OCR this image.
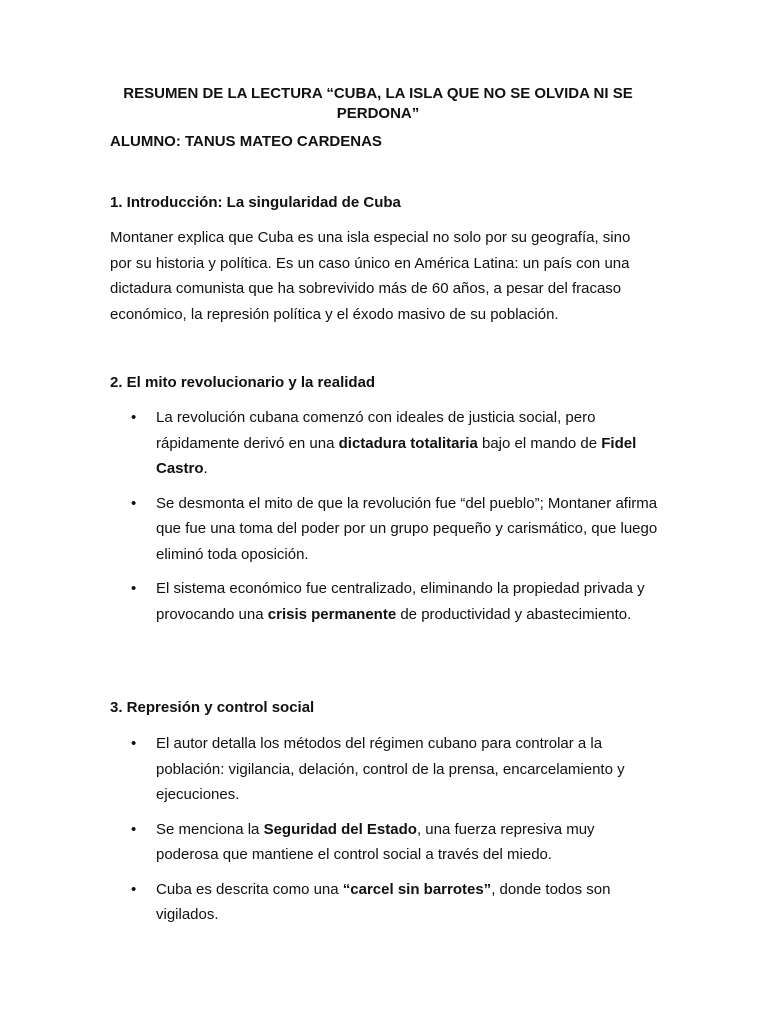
RESUMEN DE LA LECTURA “CUBA, LA ISLA QUE NO SE OLVIDA NI SE PERDONA”
ALUMNO: TANUS MATEO CARDENAS
1. Introducción: La singularidad de Cuba

Montaner explica que Cuba es una isla especial no solo por su geografía, sino por su historia y política. Es un caso único en América Latina: un país con una dictadura comunista que ha sobrevivido más de 60 años, a pesar del fracaso económico, la represión política y el éxodo masivo de su población.

2. El mito revolucionario y la realidad
• La revolución cubana comenzó con ideales de justicia social, pero rápidamente derivó en una dictadura totalitaria bajo el mando de Fidel Castro.
• Se desmonta el mito de que la revolución fue “del pueblo”; Montaner afirma que fue una toma del poder por un grupo pequeño y carismático, que luego eliminó toda oposición.
• El sistema económico fue centralizado, eliminando la propiedad privada y provocando una crisis permanente de productividad y abastecimiento.
3. Represión y control social
• El autor detalla los métodos del régimen cubano para controlar a la población: vigilancia, delación, control de la prensa, encarcelamiento y ejecuciones.
• Se menciona la Seguridad del Estado, una fuerza represiva muy poderosa que mantiene el control social a través del miedo.
• Cuba es descrita como una “carcel sin barrotes”, donde todos son vigilados.
